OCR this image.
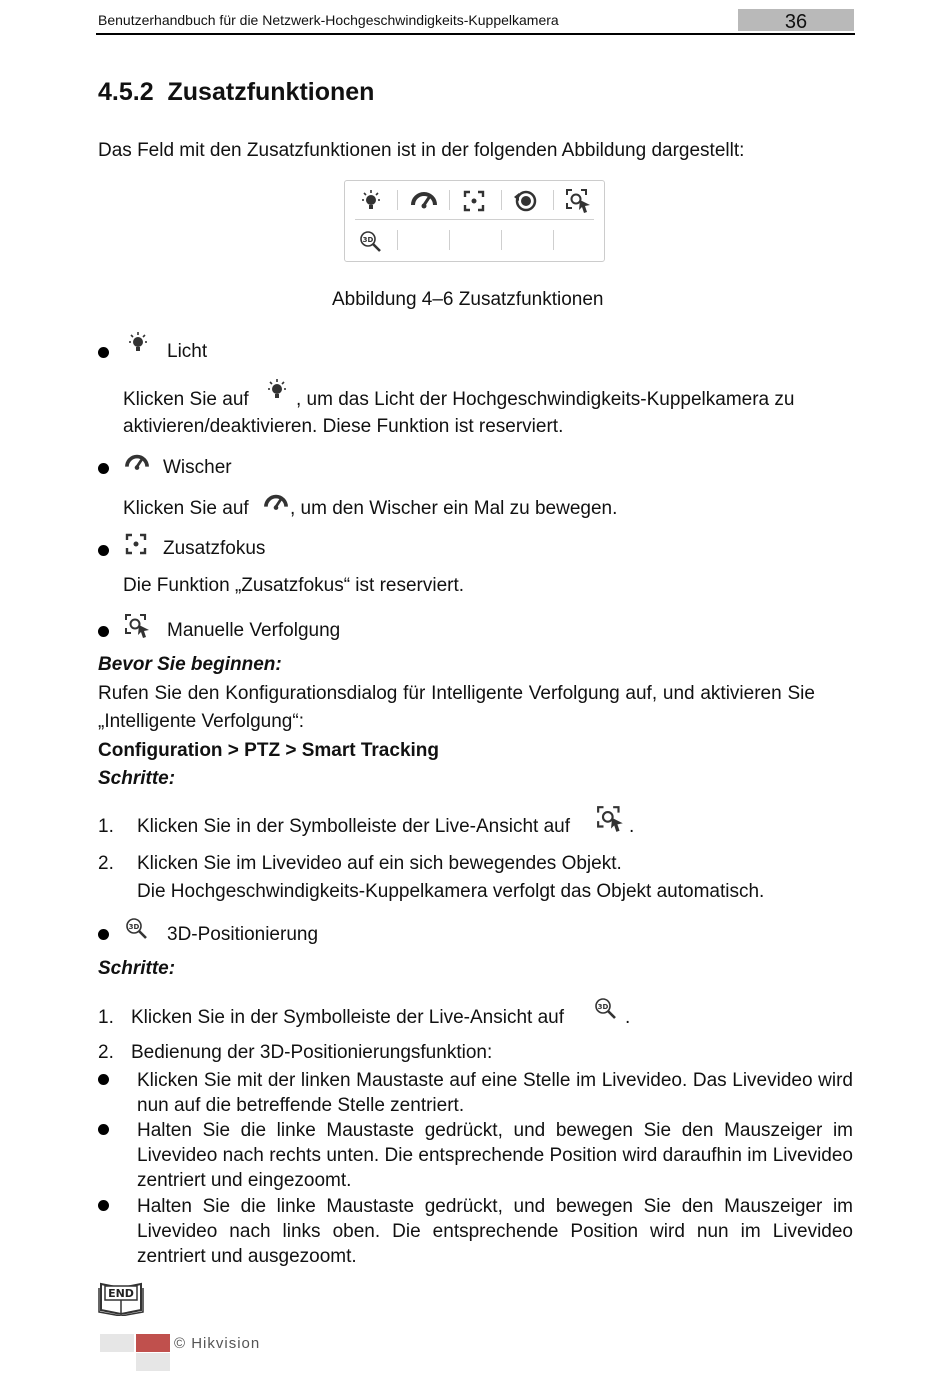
Benutzerhandbuch für die Netzwerk-Hochgeschwindigkeits-Kuppelkamera	36
4.5.2 Zusatzfunktionen
Das Feld mit den Zusatzfunktionen ist in der folgenden Abbildung dargestellt:
3D
Abbildung 4–6 Zusatzfunktionen
Licht
Klicken Sie auf , um das Licht der Hochgeschwindigkeits-Kuppelkamera zu
aktivieren/deaktivieren. Diese Funktion ist reserviert.
Wischer
Klicken Sie auf , um den Wischer ein Mal zu bewegen.
Zusatzfokus
Die Funktion „Zusatzfokus“ ist reserviert.
Manuelle Verfolgung
Bevor Sie beginnen:
Rufen Sie den Konfigurationsdialog für Intelligente Verfolgung auf, und aktivieren Sie
„Intelligente Verfolgung“:
Configuration > PTZ > Smart Tracking
Schritte:
1. Klicken Sie in der Symbolleiste der Live-Ansicht auf	.
2. Klicken Sie im Livevideo auf ein sich bewegendes Objekt.
Die Hochgeschwindigkeits-Kuppelkamera verfolgt das Objekt automatisch.
3D 3D-Positionierung
Schritte:
1. Klicken Sie in der Symbolleiste der Live-Ansicht auf	3D .
2. Bedienung der 3D-Positionierungsfunktion:
Klicken Sie mit der linken Maustaste auf eine Stelle im Livevideo. Das Livevideo wird nun auf die betreffende Stelle zentriert.
Halten Sie die linke Maustaste gedrückt, und bewegen Sie den Mauszeiger im Livevideo nach rechts unten. Die entsprechende Position wird daraufhin im Livevideo zentriert und eingezoomt.
Halten Sie die linke Maustaste gedrückt, und bewegen Sie den Mauszeiger im Livevideo nach links oben. Die entsprechende Position wird nun im Livevideo zentriert und ausgezoomt.
END
© Hikvision
